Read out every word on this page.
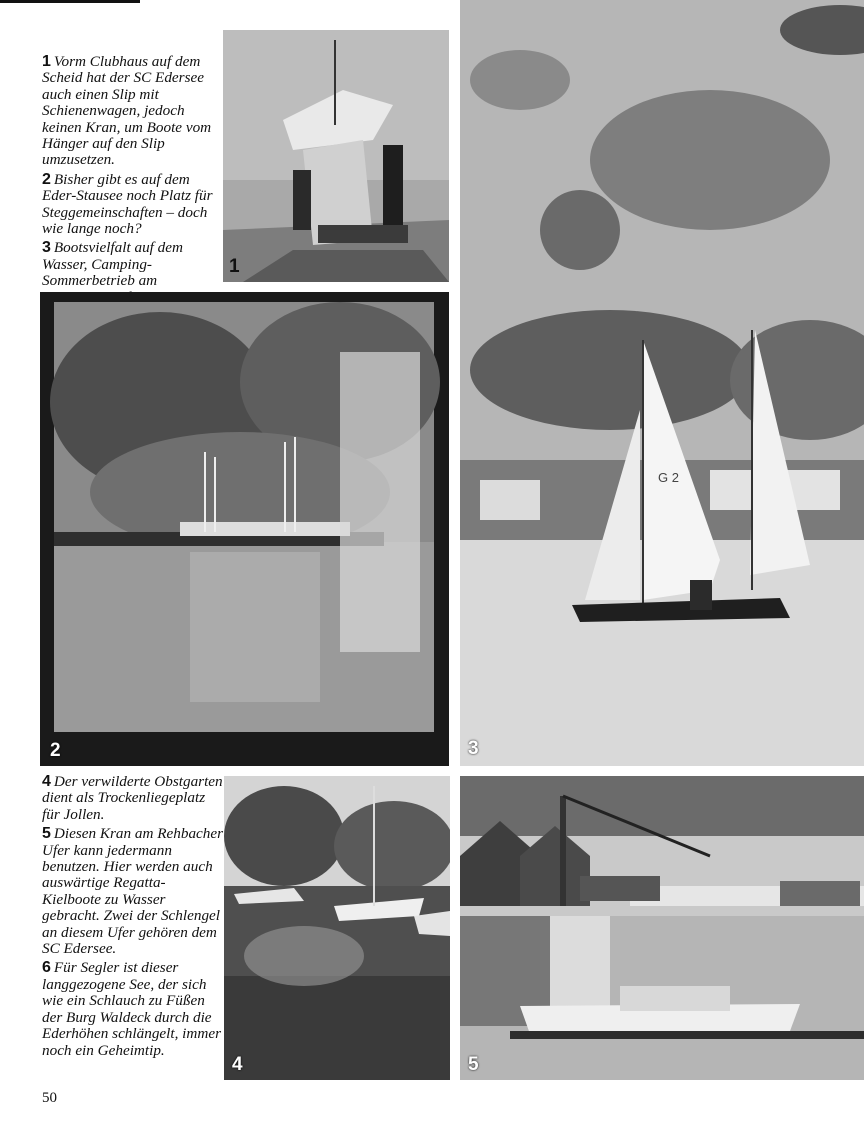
1 Vorm Clubhaus auf dem Scheid hat der SC Edersee auch einen Slip mit Schienenwagen, jedoch keinen Kran, um Boote vom Hänger auf den Slip umzusetzen.

2 Bisher gibt es auf dem Eder-Stausee noch Platz für Steggemeinschaften – doch wie lange noch?

3 Bootsvielfalt auf dem Wasser, Camping-Sommerbetrieb am

1
2
G 2
3

4 Der verwilderte Obstgarten dient als Trockenliegeplatz für Jollen.

5 Diesen Kran am Rehbacher Ufer kann jedermann benutzen. Hier werden auch auswärtige Regatta-Kielboote zu Wasser gebracht. Zwei der Schlengel an diesem Ufer gehören dem SC Edersee.

6 Für Segler ist dieser langgezogene See, der sich wie ein Schlauch zu Füßen der Burg Waldeck durch die Ederhöhen schlängelt, immer noch ein Geheimtip.

4	5
50
